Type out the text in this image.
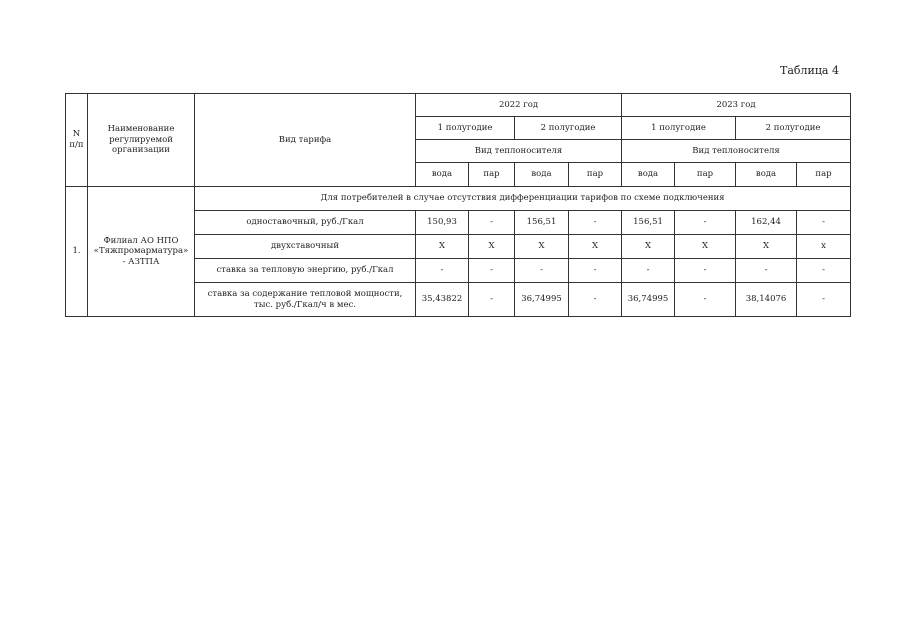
Таблица 4
N п/п	Наименование регулируемой организации	Вид тарифа	2022 год				2023 год			
			1 полугодие		2 полугодие		1 полугодие		2 полугодие	
			Вид теплоносителя				Вид теплоносителя			
			вода	пар	вода	пар	вода	пар	вода	пар
1.	Филиал АО НПО «Тяжпромарматура» - АЗТПА	Для потребителей в случае отсутствия дифференциации тарифов по схеме подключения								
		одноставочный, руб./Гкал	150,93	-	156,51	-	156,51	-	162,44	-
		двухставочный	X	X	X	X	X	X	X	x
		ставка за тепловую энергию, руб./Гкал	-	-	-	-	-	-	-	-
		ставка за содержание тепловой мощности, тыс. руб./Гкал/ч в мес.	35,43822	-	36,74995	-	36,74995	-	38,14076	-
